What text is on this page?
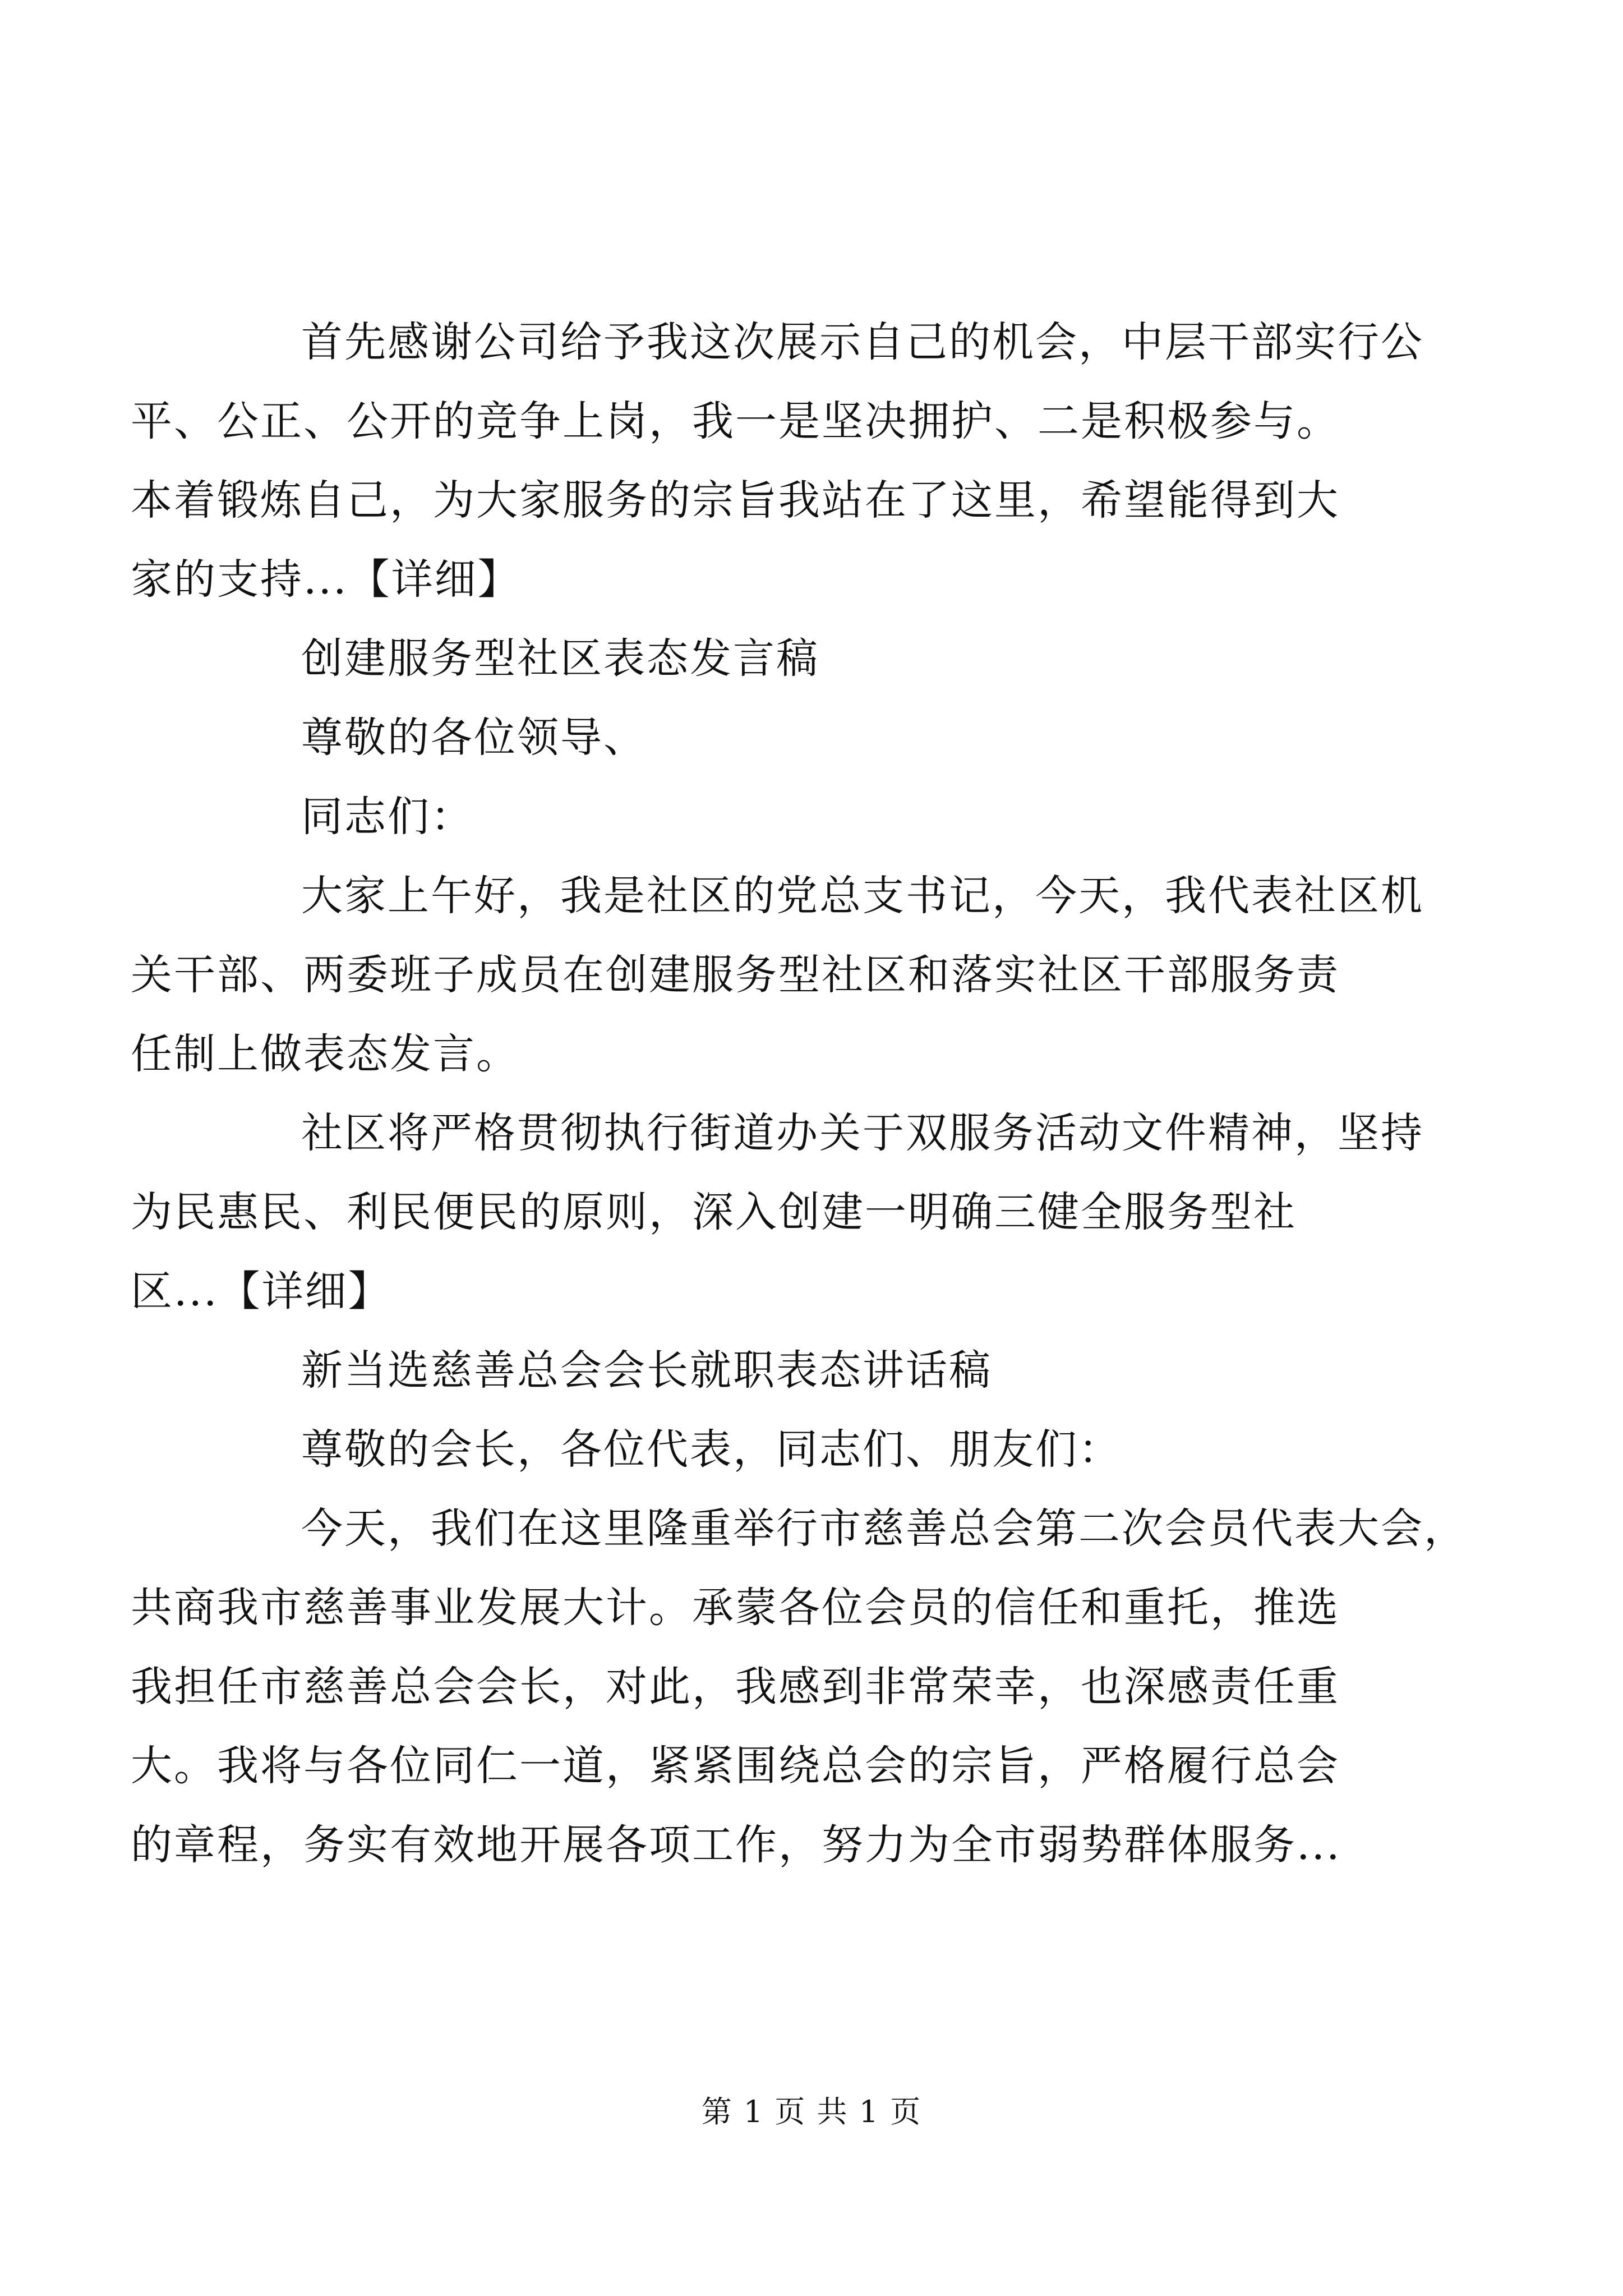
首先感谢公司给予我这次展示自己的机会，中层干部实行公
平、公正、公开的竞争上岗，我一是坚决拥护、二是积极参与。
本着锻炼自己，为大家服务的宗旨我站在了这里，希望能得到大
家的支持...【详细】

创建服务型社区表态发言稿

尊敬的各位领导、

同志们：

大家上午好，我是社区的党总支书记，今天，我代表社区机
关干部、两委班子成员在创建服务型社区和落实社区干部服务责
任制上做表态发言。

社区将严格贯彻执行街道办关于双服务活动文件精神，坚持
为民惠民、利民便民的原则，深入创建一明确三健全服务型社
区...【详细】

新当选慈善总会会长就职表态讲话稿

尊敬的会长，各位代表，同志们、朋友们：

今天，我们在这里隆重举行市慈善总会第二次会员代表大会，
共商我市慈善事业发展大计。承蒙各位会员的信任和重托，推选
我担任市慈善总会会长，对此，我感到非常荣幸，也深感责任重
大。我将与各位同仁一道，紧紧围绕总会的宗旨，严格履行总会
的章程，务实有效地开展各项工作，努力为全市弱势群体服务...

第 1 页 共 1 页
